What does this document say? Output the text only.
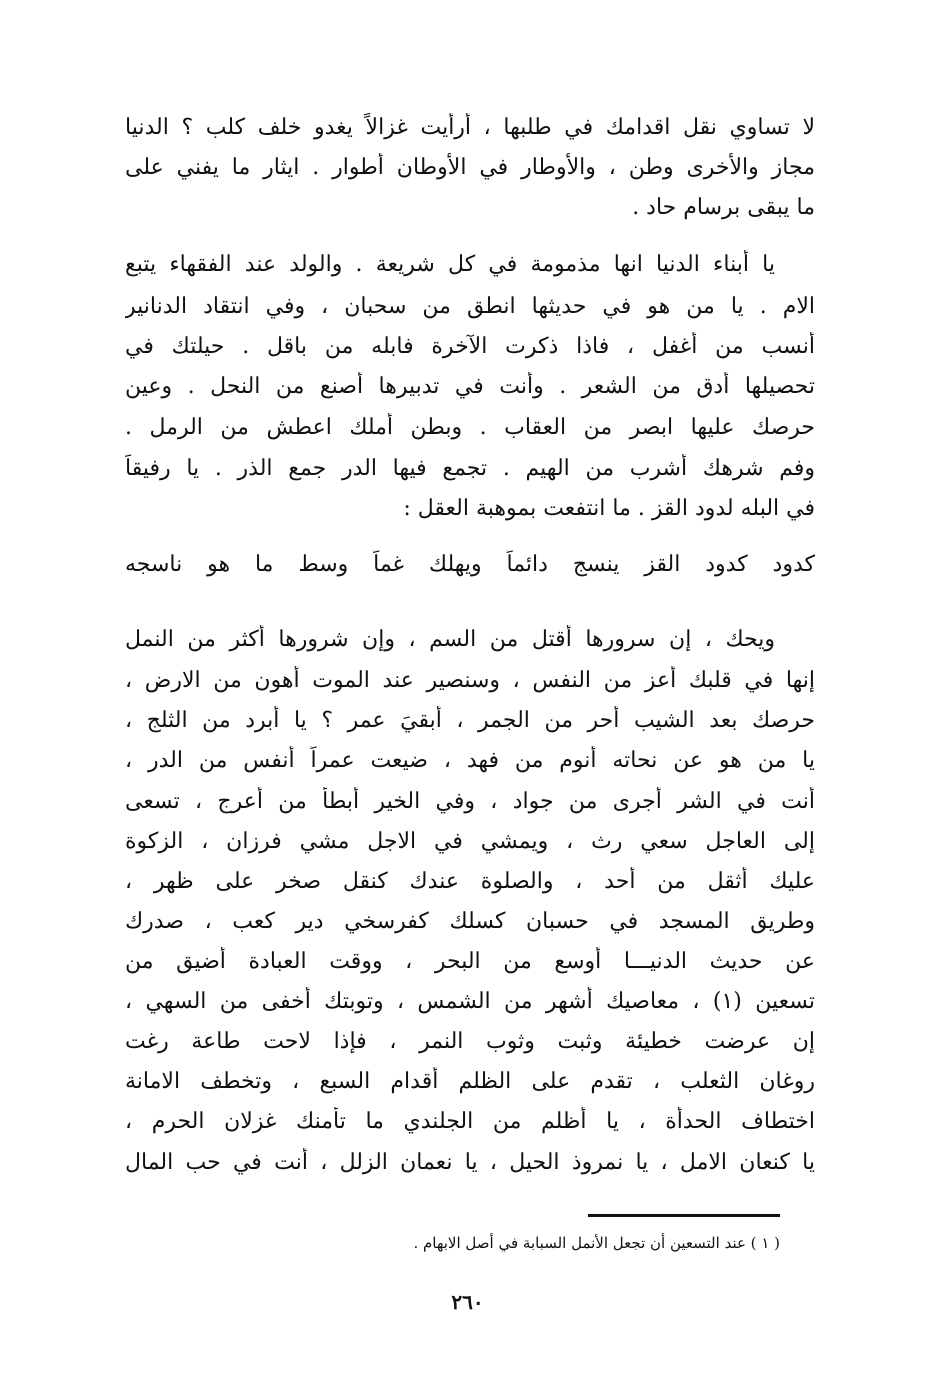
لا تساوي نقل اقدامك في طلبها ، أرأيت غزالاً يغدو خلف كلب ؟ الدنيا
مجاز والأخرى وطن ، والأوطار في الأوطان أطوار . ايثار ما يفني على
ما يبقى برسام حاد .
يا أبناء الدنيا انها مذمومة في كل شريعة . والولد عند الفقهاء يتبع
الام . يا من هو في حديثها انطق من سحبان ، وفي انتقاد الدنانير
أنسب من أغفل ، فاذا ذكرت الآخرة فابله من باقل . حيلتك في
تحصيلها أدق من الشعر . وأنت في تدبيرها أصنع من النحل . وعين
حرصك عليها ابصر من العقاب . وبطن أملك اعطش من الرمل .
وفم شرهك أشرب من الهيم . تجمع فيها الدر جمع الذر . يا رفيقاً
في البله لدود القز . ما انتفعت بموهبة العقل :
كدود كدود القز ينسج دائماً ويهلك غماً وسط ما هو ناسجه
ويحك ، إن سرورها أقتل من السم ، وإن شرورها أكثر من النمل
إنها في قلبك أعز من النفس ، وسنصير عند الموت أهون من الارض ،
حرصك بعد الشيب أحر من الجمر ، أبقيَ عمر ؟ يا أبرد من الثلج ،
يا من هو عن نحاته أنوم من فهد ، ضيعت عمراً أنفس من الدر ،
أنت في الشر أجرى من جواد ، وفي الخير أبطأ من أعرج ، تسعى
إلى العاجل سعي رث ، ويمشي في الاجل مشي فرزان ، الزكوة
عليك أثقل من أحد ، والصلوة عندك كنقل صخر على ظهر ،
وطريق المسجد في حسبان كسلك كفرسخي دير كعب ، صدرك
عن حديث الدنيـــا أوسع من البحر ، ووقت العبادة أضيق من
تسعين (١) ، معاصيك أشهر من الشمس ، وتوبتك أخفى من السهي ،
إن عرضت خطيئة وثبت وثوب النمر ، فإذا لاحت طاعة رغت
روغان الثعلب ، تقدم على الظلم أقدام السبع ، وتخطف الامانة
اختطاف الحدأة ، يا أظلم من الجلندي ما تأمنك غزلان الحرم ،
يا كنعان الامل ، يا نمروذ الحيل ، يا نعمان الزلل ، أنت في حب المال
( ١ ) عند التسعين أن تجعل الأنمل السبابة في أصل الابهام .
٢٦٠
